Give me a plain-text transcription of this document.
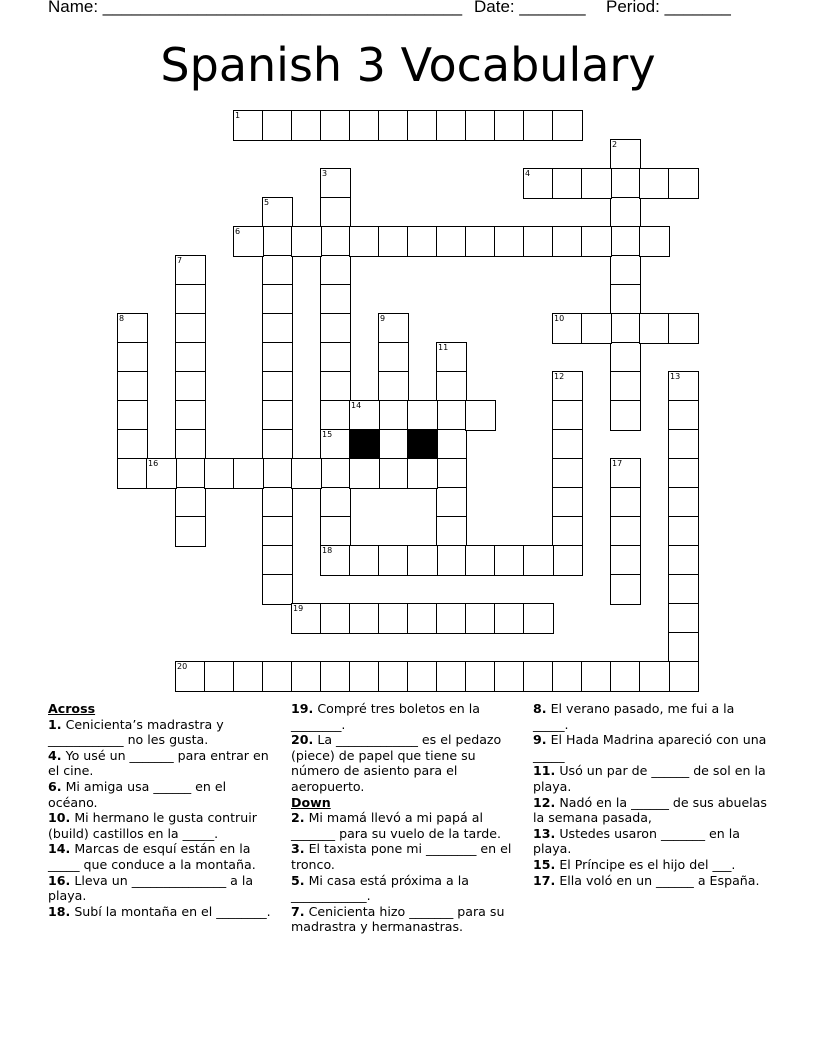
Name: ______________________________________ Date: _______ Period: _______
Spanish 3 Vocabulary
1
2
3
15
4
5
6
7
8	9	10
11
12	13
14
16	17
18
19
20
Across
1. Cenicienta’s madrastra y ____________ no les gusta.
4. Yo usé un _______ para entrar en el cine.
6. Mi amiga usa ______ en el océano.
10. Mi hermano le gusta contruir (build) castillos en la _____.
14. Marcas de esquí están en la _____ que conduce a la montaña.
16. Lleva un _______________ a la playa.
18. Subí la montaña en el ________.
19. Compré tres boletos en la ________.
20. La _____________ es el pedazo (piece) de papel que tiene su número de asiento para el aeropuerto.
Down
2. Mi mamá llevó a mi papá al _______ para su vuelo de la tarde.
3. El taxista pone mi ________ en el tronco.
5. Mi casa está próxima a la ____________.
7. Cenicienta hizo _______ para su madrastra y hermanastras.
8. El verano pasado, me fui a la _____.
9. El Hada Madrina apareció con una _____
11. Usó un par de ______ de sol en la playa.
12. Nadó en la ______ de sus abuelas la semana pasada,
13. Ustedes usaron _______ en la playa.
15. El Príncipe es el hijo del ___.
17. Ella voló en un ______ a España.
